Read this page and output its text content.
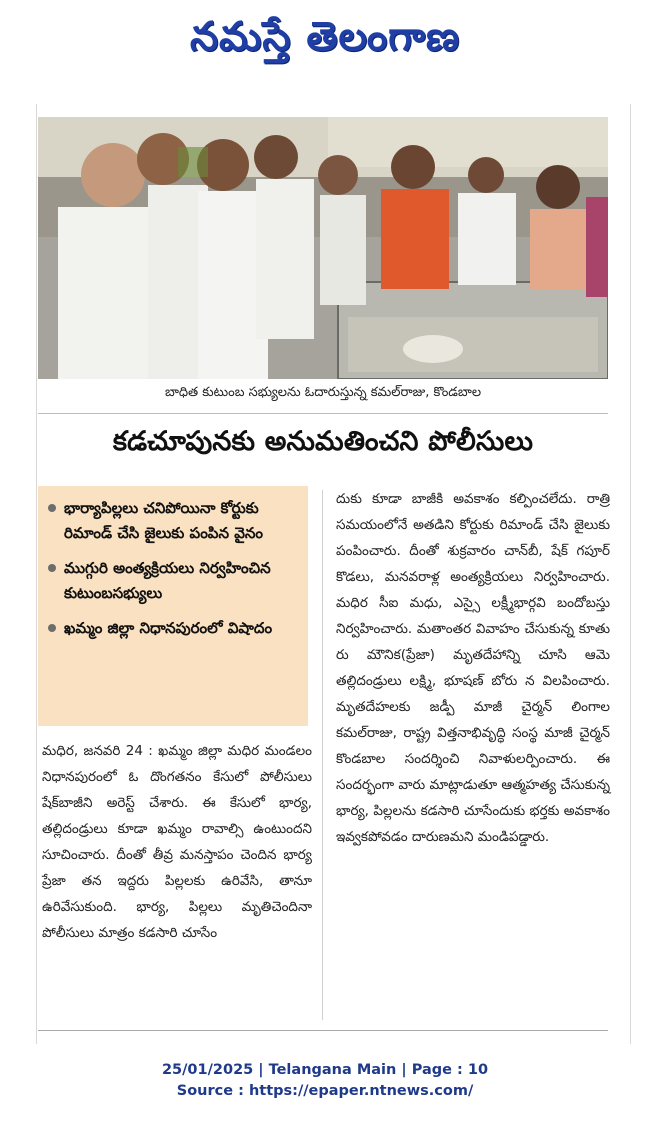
నమస్తే తెలంగాణ
బాధిత కుటుంబ సభ్యులను ఓదారుస్తున్న కమల్‌రాజు, కొండబాల
కడచూపునకు అనుమతించని పోలీసులు
భార్యాపిల్లలు చనిపోయినా కోర్టుకు రిమాండ్ చేసి జైలుకు పంపిన వైనం
ముగ్గురి అంత్యక్రియలు నిర్వహించిన కుటుంబసభ్యులు
ఖమ్మం జిల్లా నిధానపురంలో విషాదం
మధిర, జనవరి 24 : ఖమ్మం జిల్లా మధిర మండలం నిధానపురంలో ఓ దొంగతనం కేసులో పోలీసులు షేక్‌బాజీని అరెస్ట్ చేశారు. ఈ కేసులో భార్య, తల్లిదండ్రులు కూడా ఖమ్మం రావాల్సి ఉంటుందని సూచించారు. దీంతో తీవ్ర మనస్తాపం చెందిన భార్య ప్రేజా తన ఇద్దరు పిల్లలకు ఉరివేసి, తానూ ఉరివేసుకుంది. భార్య, పిల్లలు మృతిచెందినా పోలీసులు మాత్రం కడసారి చూసేం
దుకు కూడా బాజీకి అవకాశం కల్పించలేదు. రాత్రి సమయంలోనే అతడిని కోర్టుకు రిమాండ్ చేసి జైలుకు పంపించారు. దీంతో శుక్రవారం చాన్‌బీ, షేక్ గపూర్ కొడలు, మనవరాళ్ల అంత్యక్రియలు నిర్వహించారు. మధిర సీఐ మధు, ఎస్సై లక్ష్మీభార్గవి బందోబస్తు నిర్వహించారు. మతాంతర వివాహం చేసుకున్న కూతు రు మౌనిక(ప్రేజా) మృతదేహాన్ని చూసి ఆమె తల్లిదండ్రులు లక్ష్మి, భూషణ్ బోరు న విలపించారు. మృతదేహలకు జడ్పీ మాజీ చైర్మన్ లింగాల కమల్‌రాజు, రాష్ట్ర విత్తనాభివృద్ధి సంస్థ మాజీ చైర్మన్ కొండబాల సందర్శించి నివాళులర్పించారు. ఈ సందర్భంగా వారు మాట్లాడుతూ ఆత్మహత్య చేసుకున్న భార్య, పిల్లలను కడసారి చూసేందుకు భర్తకు అవకాశం ఇవ్వకపోవడం దారుణమని మండిపడ్డారు.
25/01/2025 | Telangana Main | Page : 10
Source : https://epaper.ntnews.com/
